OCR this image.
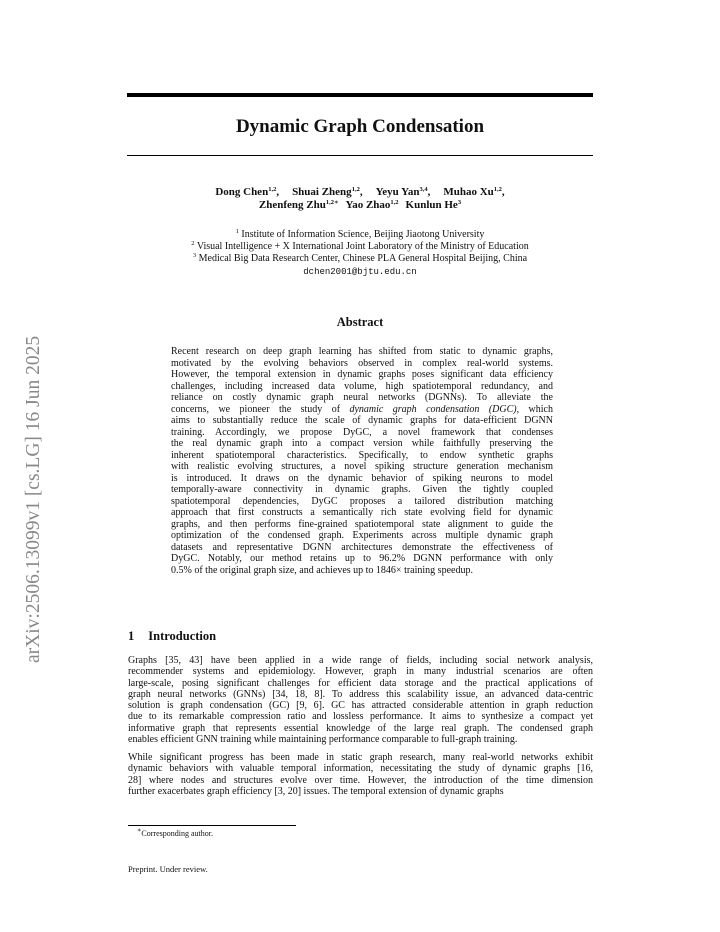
arXiv:2506.13099v1 [cs.LG] 16 Jun 2025
Dynamic Graph Condensation
Dong Chen$^{1,2}$, Shuai Zheng$^{1,2}$, Yeyu Yan$^{3,4}$, Muhao Xu$^{1,2}$,
Zhenfeng Zhu$^{1,2∗}$ Yao Zhao$^{1,2}$ Kunlun He$^3$
$^1$ Institute of Information Science, Beijing Jiaotong University
$^2$ Visual Intelligence + X International Joint Laboratory of the Ministry of Education
$^3$ Medical Big Data Research Center, Chinese PLA General Hospital Beijing, China
dchen2001@bjtu.edu.cn
Abstract
Recent research on deep graph learning has shifted from static to dynamic graphs,
motivated by the evolving behaviors observed in complex real-world systems.
However, the temporal extension in dynamic graphs poses significant data efficiency
challenges, including increased data volume, high spatiotemporal redundancy, and
reliance on costly dynamic graph neural networks (DGNNs). To alleviate the
concerns, we pioneer the study of dynamic graph condensation (DGC), which
aims to substantially reduce the scale of dynamic graphs for data-efficient DGNN
training. Accordingly, we propose DyGC, a novel framework that condenses
the real dynamic graph into a compact version while faithfully preserving the
inherent spatiotemporal characteristics. Specifically, to endow synthetic graphs
with realistic evolving structures, a novel spiking structure generation mechanism
is introduced. It draws on the dynamic behavior of spiking neurons to model
temporally-aware connectivity in dynamic graphs. Given the tightly coupled
spatiotemporal dependencies, DyGC proposes a tailored distribution matching
approach that first constructs a semantically rich state evolving field for dynamic
graphs, and then performs fine-grained spatiotemporal state alignment to guide the
optimization of the condensed graph. Experiments across multiple dynamic graph
datasets and representative DGNN architectures demonstrate the effectiveness of
DyGC. Notably, our method retains up to 96.2% DGNN performance with only
0.5% of the original graph size, and achieves up to 1846× training speedup.
1 Introduction
Graphs [35, 43] have been applied in a wide range of fields, including social network analysis,
recommender systems and epidemiology. However, graph in many industrial scenarios are often
large-scale, posing significant challenges for efficient data storage and the practical applications of
graph neural networks (GNNs) [34, 18, 8]. To address this scalability issue, an advanced data-centric
solution is graph condensation (GC) [9, 6]. GC has attracted considerable attention in graph reduction
due to its remarkable compression ratio and lossless performance. It aims to synthesize a compact yet
informative graph that represents essential knowledge of the large real graph. The condensed graph
enables efficient GNN training while maintaining performance comparable to full-graph training.
While significant progress has been made in static graph research, many real-world networks exhibit
dynamic behaviors with valuable temporal information, necessitating the study of dynamic graphs [16,
28] where nodes and structures evolve over time. However, the introduction of the time dimension
further exacerbates graph efficiency [3, 20] issues. The temporal extension of dynamic graphs
∗Corresponding author.
Preprint. Under review.
